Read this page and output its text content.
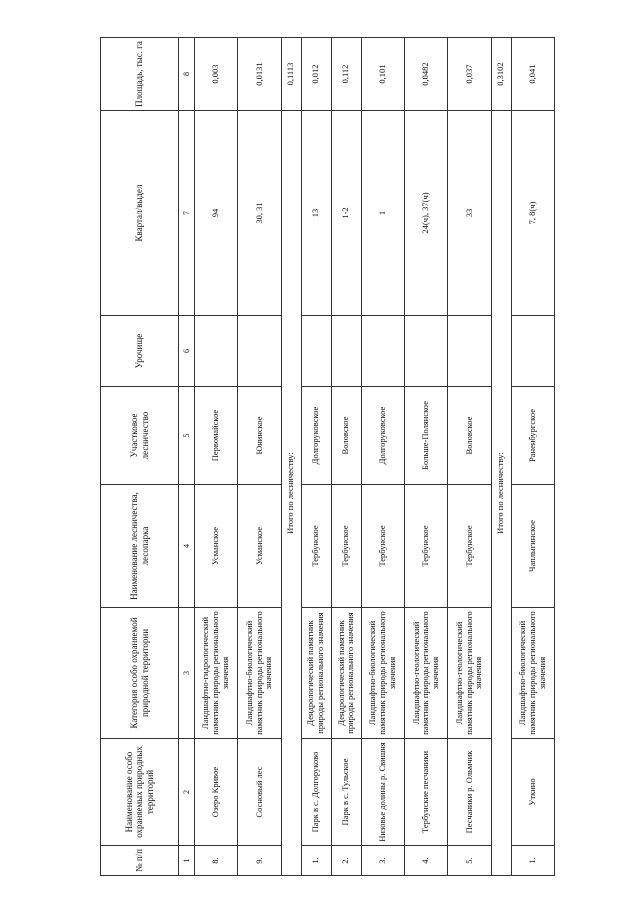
№ п/п	Наименование особо охраняемых природных территорий	Категория особо охраняемой природной территории	Наименование лесничества, лесопарка	Участковое лесничество	Урочище	Квартал/выдел	Площадь, тыс. га
1	2	3	4	5	6	7	8
8.	Озеро Кривое	Ландшафтно-гидрологический памятник природы регионального значения	Усманское	Первомайское		94	0,003
9.	Сосновый лес	Ландшафтно-биологический памятник природы регионального значения	Усманское	Юнинское		30, 31	0,0131
Итого по лесничеству:							0,1113
1.	Парк в с. Долгоруково	Дендрологический памятник природы регионального значения	Тербунское	Долгоруковское		13	0,012
2.	Парк в с. Тульское	Дендрологический памятник природы регионального значения	Тербунское	Воловское		1-2	0,112
3.	Низовье долины р. Свишня	Ландшафтно-биологический памятник природы регионального значения	Тербунское	Долгоруковское		1	0,101
4.	Тербунские песчаники	Ландшафтно-геологический памятник природы регионального значения	Тербунское	Больше-Полянское		24(ч), 37(ч)	0,0482
5.	Песчаники р. Ольмчик	Ландшафтно-геологический памятник природы регионального значения	Тербунское	Воловское		33	0,037
Итого по лесничеству:							0,3102
1.	Уткино	Ландшафтно-биологический памятник природы регионального значения	Чаплыгинское	Раненбургское		7, 8(ч)	0,041
